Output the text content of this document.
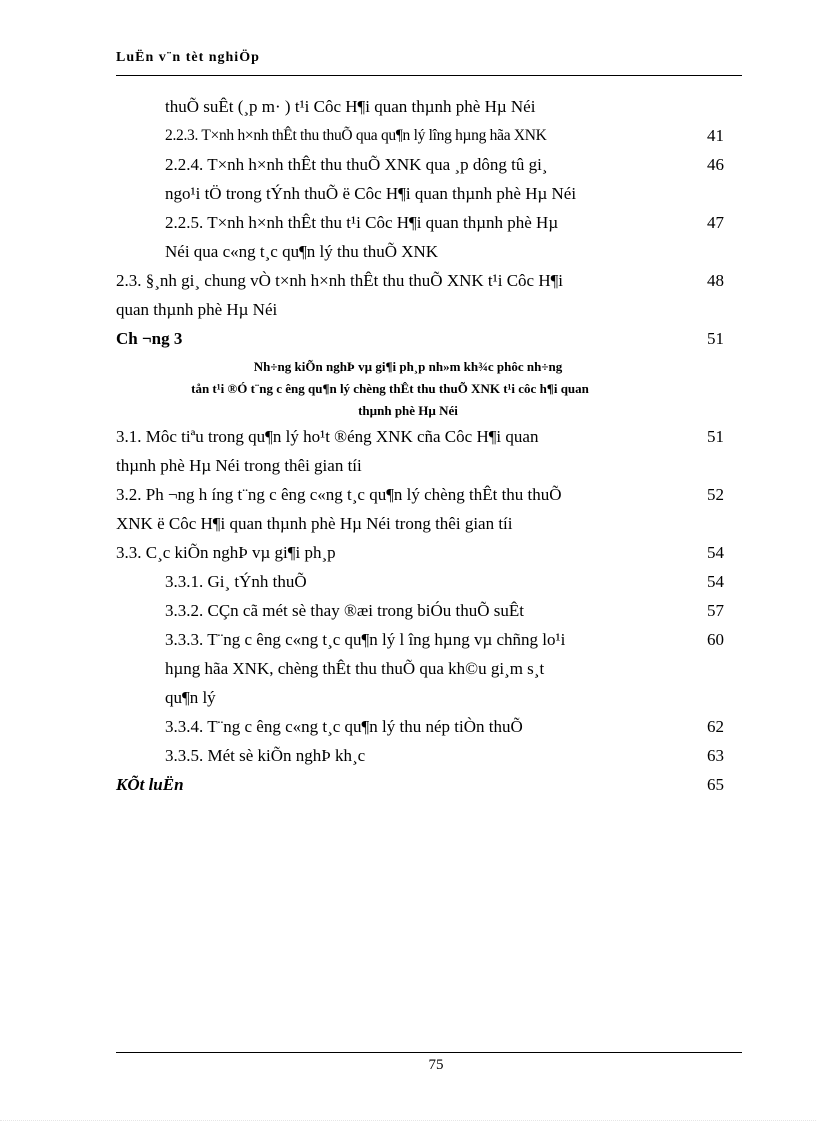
LuËn v¨n tèt nghiÖp
thuÕ suÊt (¸p m· ) t¹i Côc H¶i quan thµnh phè Hµ Néi
2.2.3. T×nh h×nh thÊt thu thuÕ qua qu¶n lý lîng hµng hãa XNK
2.2.4. T×nh h×nh thÊt thu thuÕ XNK qua ¸p dông tû gi¸
ngo¹i tÖ trong tÝnh thuÕ ë Côc H¶i quan thµnh phè Hµ Néi
2.2.5. T×nh h×nh thÊt thu t¹i Côc H¶i quan thµnh phè Hµ
Néi qua c«ng t¸c qu¶n lý thu thuÕ XNK
2.3. §¸nh gi¸ chung vÒ t×nh h×nh thÊt thu thuÕ XNK t¹i Côc H¶i
quan thµnh phè Hµ Néi
Ch ¬ng 3
Nh÷ng kiÕn nghÞ vµ gi¶i ph¸p nh»m kh¾c phôc nh÷ng
tån t¹i ®Ó t¨ng c êng qu¶n lý chèng thÊt thu thuÕ XNK t¹i côc h¶i quan
thµnh phè Hµ Néi
3.1. Môc tiªu trong qu¶n lý ho¹t ®éng XNK cña Côc H¶i quan
thµnh phè Hµ Néi trong thêi gian tíi
3.2. Ph ¬ng h íng t¨ng c êng c«ng t¸c qu¶n lý chèng thÊt thu thuÕ
XNK ë Côc H¶i quan thµnh phè Hµ Néi trong thêi gian tíi
3.3. C¸c kiÕn nghÞ vµ gi¶i ph¸p
3.3.1. Gi¸ tÝnh thuÕ
3.3.2. CÇn cã mét sè thay ®æi trong biÓu thuÕ suÊt
3.3.3. T¨ng c êng c«ng t¸c qu¶n lý l îng hµng vµ chñng lo¹i
hµng hãa XNK, chèng thÊt thu thuÕ qua kh©u gi¸m s¸t
qu¶n lý
3.3.4. T¨ng c êng c«ng t¸c qu¶n lý thu nép tiÒn thuÕ
3.3.5. Mét sè kiÕn nghÞ kh¸c
KÕt luËn
41
46
47
48
51
51
52
54
54
57
60
62
63
65
75
